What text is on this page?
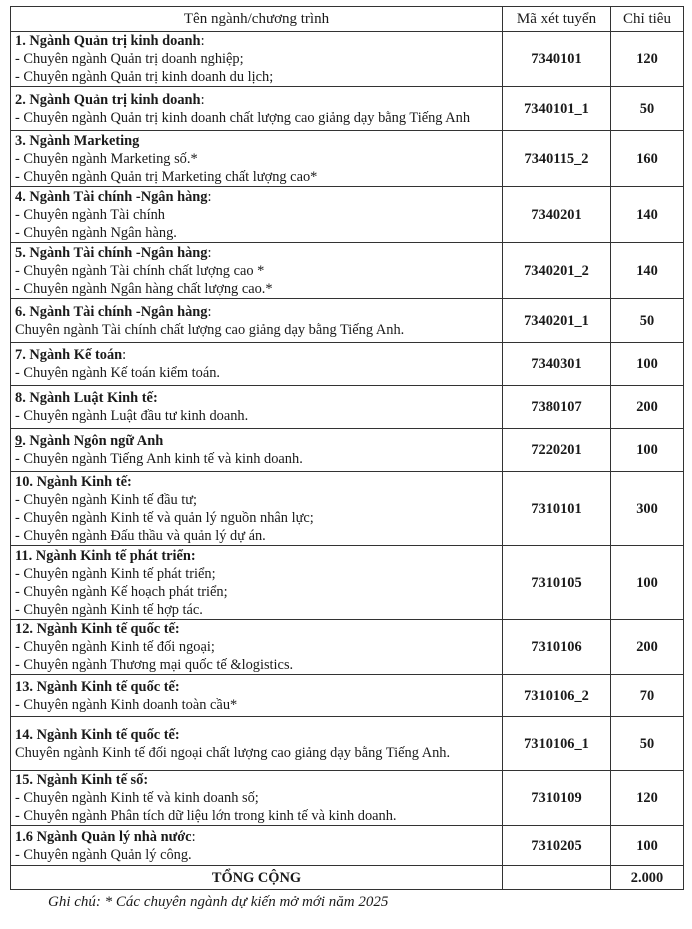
Tên ngành/chương trình	Mã xét tuyển	Chỉ tiêu

1. Ngành Quản trị kinh doanh:
- Chuyên ngành Quản trị doanh nghiệp;
- Chuyên ngành Quản trị kinh doanh du lịch;	7340101	120

2. Ngành Quản trị kinh doanh:
- Chuyên ngành Quản trị kinh doanh chất lượng cao giảng dạy bằng Tiếng Anh	7340101_1	50

3. Ngành Marketing
- Chuyên ngành Marketing số.*
- Chuyên ngành Quản trị Marketing chất lượng cao*	7340115_2	160

4. Ngành Tài chính -Ngân hàng:
- Chuyên ngành Tài chính
- Chuyên ngành Ngân hàng.	7340201	140

5. Ngành Tài chính -Ngân hàng:
- Chuyên ngành Tài chính chất lượng cao *
- Chuyên ngành Ngân hàng chất lượng cao.*	7340201_2	140

6. Ngành Tài chính -Ngân hàng:
Chuyên ngành Tài chính chất lượng cao giảng dạy bằng Tiếng Anh.	7340201_1	50

7. Ngành Kế toán:
- Chuyên ngành Kế toán kiểm toán.	7340301	100

8. Ngành Luật Kinh tế:
- Chuyên ngành Luật đầu tư kinh doanh.	7380107	200

9. Ngành Ngôn ngữ Anh
- Chuyên ngành Tiếng Anh kinh tế và kinh doanh.	7220201	100

10. Ngành Kinh tế:
- Chuyên ngành Kinh tế đầu tư;
- Chuyên ngành Kinh tế và quản lý nguồn nhân lực;
- Chuyên ngành Đấu thầu và quản lý dự án.	7310101	300

11. Ngành Kinh tế phát triển:
- Chuyên ngành Kinh tế phát triển;
- Chuyên ngành Kế hoạch phát triển;
- Chuyên ngành Kinh tế hợp tác.	7310105	100

12. Ngành Kinh tế quốc tế:
- Chuyên ngành Kinh tế đối ngoại;
- Chuyên ngành Thương mại quốc tế &logistics.	7310106	200

13. Ngành Kinh tế quốc tế:
- Chuyên ngành Kinh doanh toàn cầu*	7310106_2	70

14. Ngành Kinh tế quốc tế:
Chuyên ngành Kinh tế đối ngoại chất lượng cao giảng dạy bằng Tiếng Anh.	7310106_1	50

15. Ngành Kinh tế số:
- Chuyên ngành Kinh tế và kinh doanh số;
- Chuyên ngành Phân tích dữ liệu lớn trong kinh tế và kinh doanh.	7310109	120

1.6 Ngành Quản lý nhà nước:
- Chuyên ngành Quản lý công.	7310205	100
TỔNG CỘNG		2.000
Ghi chú: * Các chuyên ngành dự kiến mở mới năm 2025
